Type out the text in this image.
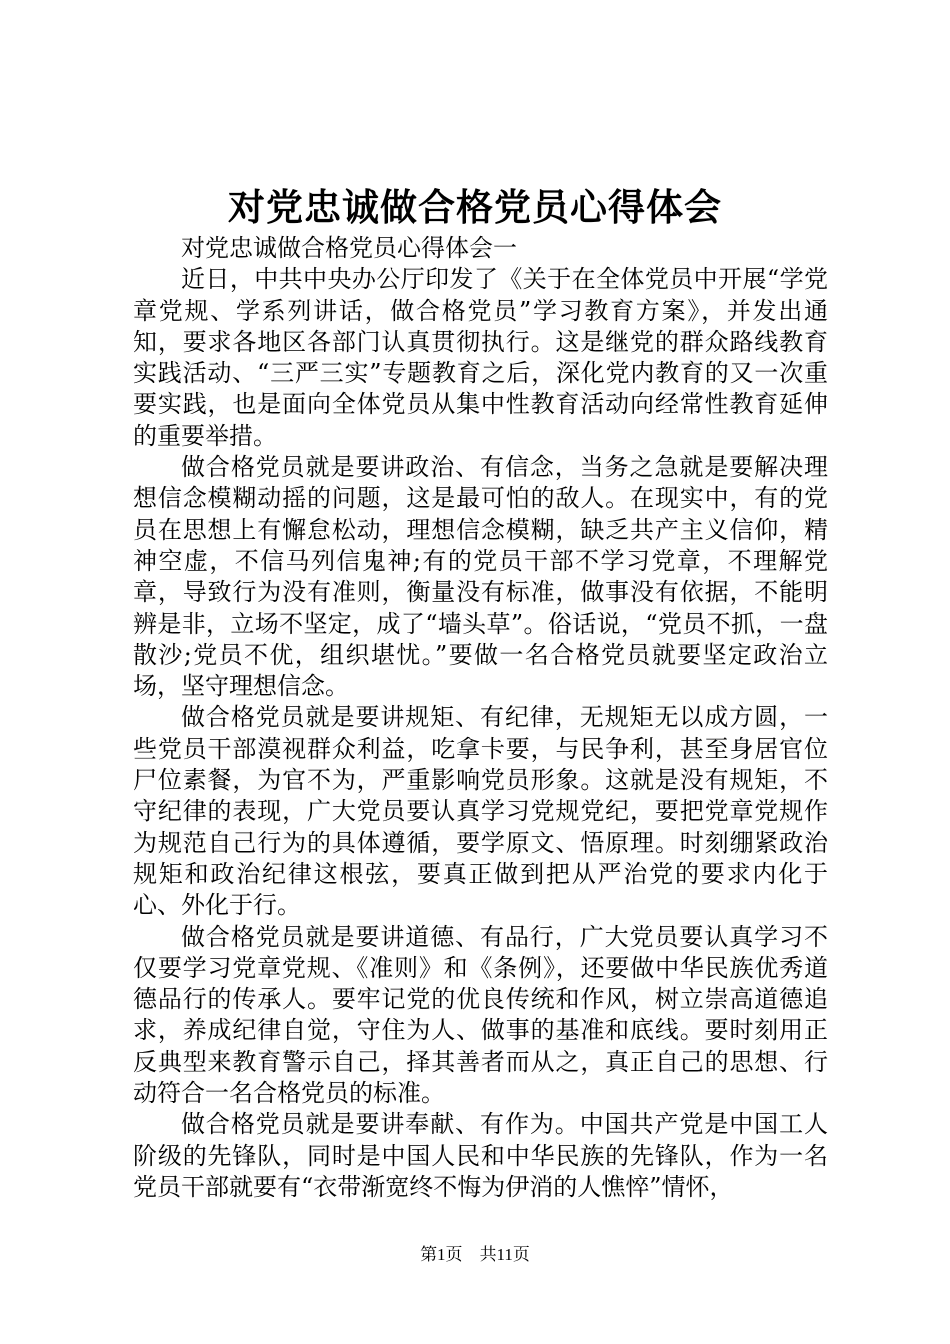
对党忠诚做合格党员心得体会

对党忠诚做合格党员心得体会一

近日，中共中央办公厅印发了《关于在全体党员中开展“学党章党规、学系列讲话，做合格党员”学习教育方案》，并发出通知，要求各地区各部门认真贯彻执行。这是继党的群众路线教育实践活动、“三严三实”专题教育之后，深化党内教育的又一次重要实践，也是面向全体党员从集中性教育活动向经常性教育延伸的重要举措。

做合格党员就是要讲政治、有信念，当务之急就是要解决理想信念模糊动摇的问题，这是最可怕的敌人。在现实中，有的党员在思想上有懈怠松动，理想信念模糊，缺乏共产主义信仰，精神空虚，不信马列信鬼神;有的党员干部不学习党章，不理解党章，导致行为没有准则，衡量没有标准，做事没有依据，不能明辨是非，立场不坚定，成了“墙头草”。俗话说，“党员不抓，一盘散沙;党员不优，组织堪忧。”要做一名合格党员就要坚定政治立场，坚守理想信念。

做合格党员就是要讲规矩、有纪律，无规矩无以成方圆，一些党员干部漠视群众利益，吃拿卡要，与民争利，甚至身居官位尸位素餐，为官不为，严重影响党员形象。这就是没有规矩，不守纪律的表现，广大党员要认真学习党规党纪，要把党章党规作为规范自己行为的具体遵循，要学原文、悟原理。时刻绷紧政治规矩和政治纪律这根弦，要真正做到把从严治党的要求内化于心、外化于行。

做合格党员就是要讲道德、有品行，广大党员要认真学习不仅要学习党章党规、《准则》和《条例》，还要做中华民族优秀道德品行的传承人。要牢记党的优良传统和作风，树立崇高道德追求，养成纪律自觉，守住为人、做事的基准和底线。要时刻用正反典型来教育警示自己，择其善者而从之，真正自己的思想、行动符合一名合格党员的标准。

做合格党员就是要讲奉献、有作为。中国共产党是中国工人阶级的先锋队，同时是中国人民和中华民族的先锋队，作为一名党员干部就要有“衣带渐宽终不悔为伊消的人憔悴”情怀，

第1页 共11页
